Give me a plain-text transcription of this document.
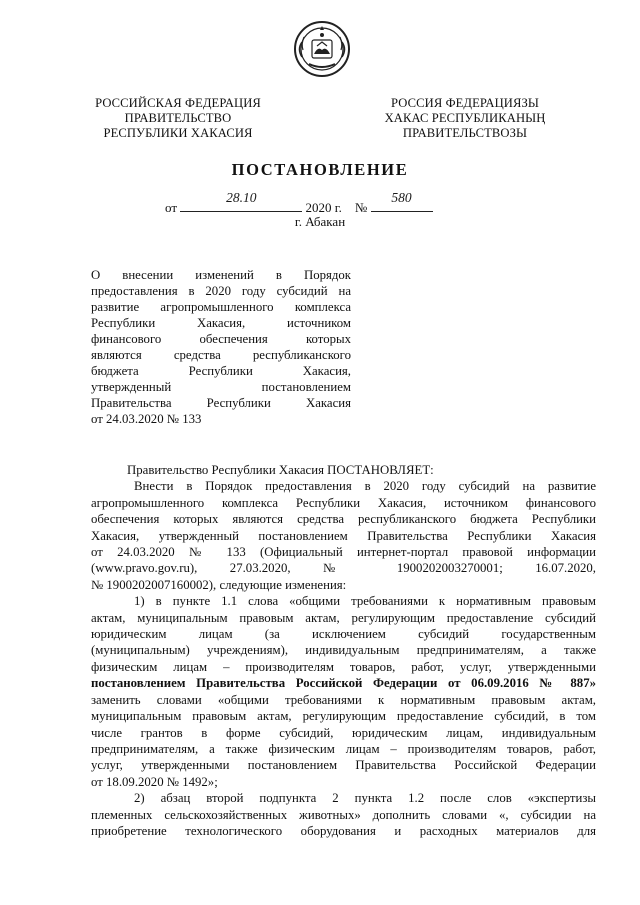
РОССИЙСКАЯ ФЕДЕРАЦИЯ
ПРАВИТЕЛЬСТВО
РЕСПУБЛИКИ ХАКАСИЯ
РОССИЯ ФЕДЕРАЦИЯЗЫ
ХАКАС РЕСПУБЛИКАНЫҢ
ПРАВИТЕЛЬСТВОЗЫ
ПОСТАНОВЛЕНИЕ
от
28.10
2020 г. №
580
г. Абакан

О внесении изменений в Порядок

предоставления в 2020 году субсидий на

развитие агропромышленного комплекса

Республики Хакасия, источником

финансового обеспечения которых

являются средства республиканского

бюджета Республики Хакасия,

утвержденный постановлением

Правительства Республики Хакасия

от 24.03.2020 № 133

Правительство Республики Хакасия ПОСТАНОВЛЯЕТ:

Внести в Порядок предоставления в 2020 году субсидий на развитие

агропромышленного комплекса Республики Хакасия, источником финансового

обеспечения которых являются средства республиканского бюджета Республики

Хакасия, утвержденный постановлением Правительства Республики Хакасия

от 24.03.2020 № 133 (Официальный интернет-портал правовой информации

(www.pravo.gov.ru), 27.03.2020, № 1900202003270001; 16.07.2020,

№ 1900202007160002), следующие изменения:

1) в пункте 1.1 слова «общими требованиями к нормативным правовым

актам, муниципальным правовым актам, регулирующим предоставление субсидий

юридическим лицам (за исключением субсидий государственным

(муниципальным) учреждениям), индивидуальным предпринимателям, а также

физическим лицам – производителям товаров, работ, услуг, утвержденными

постановлением Правительства Российской Федерации от 06.09.2016 № 887»

заменить словами «общими требованиями к нормативным правовым актам,

муниципальным правовым актам, регулирующим предоставление субсидий, в том

числе грантов в форме субсидий, юридическим лицам, индивидуальным

предпринимателям, а также физическим лицам – производителям товаров, работ,

услуг, утвержденными постановлением Правительства Российской Федерации

от 18.09.2020 № 1492»;

2) абзац второй подпункта 2 пункта 1.2 после слов «экспертизы

племенных сельскохозяйственных животных» дополнить словами «, субсидии на

приобретение технологического оборудования и расходных материалов для
